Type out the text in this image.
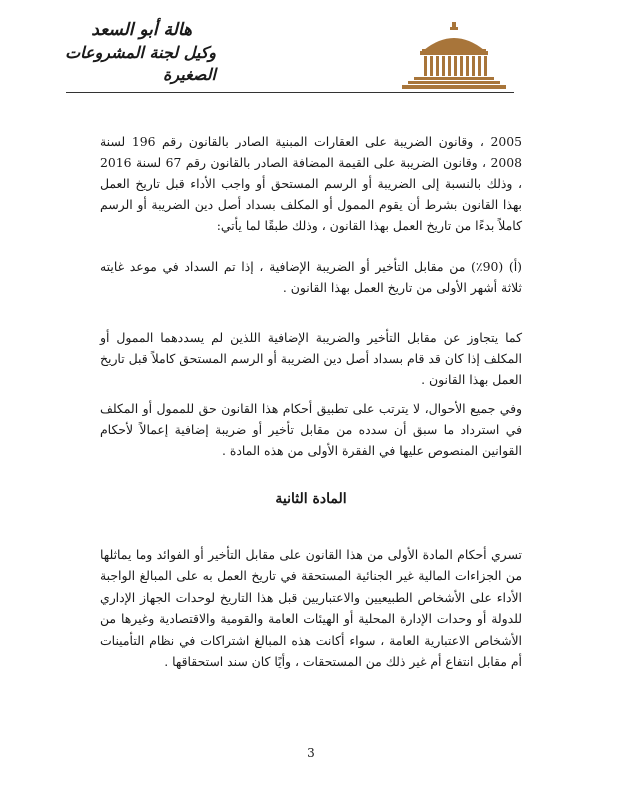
هالة أبو السعد
وكيل لجنة المشروعات الصغيرة

2005 ، وقانون الضريبة على العقارات المبنية الصادر بالقانون رقم 196 لسنة 2008 ، وقانون الضريبة على القيمة المضافة الصادر بالقانون رقم 67 لسنة 2016 ، وذلك بالنسبة إلى الضريبة أو الرسم المستحق أو واجب الأداء قبل تاريخ العمل بهذا القانون بشرط أن يقوم الممول أو المكلف بسداد أصل دين الضريبة أو الرسم كاملاً بدءًا من تاريخ العمل بهذا القانون ، وذلك طبقًا لما يأتي:

(أ) (90٪) من مقابل التأخير أو الضريبة الإضافية ، إذا تم السداد في موعد غايته ثلاثة أشهر الأولى من تاريخ العمل بهذا القانون .

كما يتجاوز عن مقابل التأخير والضريبة الإضافية اللذين لم يسددهما الممول أو المكلف إذا كان قد قام بسداد أصل دين الضريبة أو الرسم المستحق كاملاً قبل تاريخ العمل بهذا القانون .

وفي جميع الأحوال، لا يترتب على تطبيق أحكام هذا القانون حق للممول أو المكلف في استرداد ما سبق أن سدده من مقابل تأخير أو ضريبة إضافية إعمالاً لأحكام القوانين المنصوص عليها في الفقرة الأولى من هذه المادة .

المادة الثانية

تسري أحكام المادة الأولى من هذا القانون على مقابل التأخير أو الفوائد وما يماثلها من الجزاءات المالية غير الجنائية المستحقة في تاريخ العمل به على المبالغ الواجبة الأداء على الأشخاص الطبيعيين والاعتباريين قبل هذا التاريخ لوحدات الجهاز الإداري للدولة أو وحدات الإدارة المحلية أو الهيئات العامة والقومية والاقتصادية وغيرها من الأشخاص الاعتبارية العامة ، سواء أكانت هذه المبالغ اشتراكات في نظام التأمينات أم مقابل انتفاع أم غير ذلك من المستحقات ، وأيًا كان سند استحقاقها .

3
